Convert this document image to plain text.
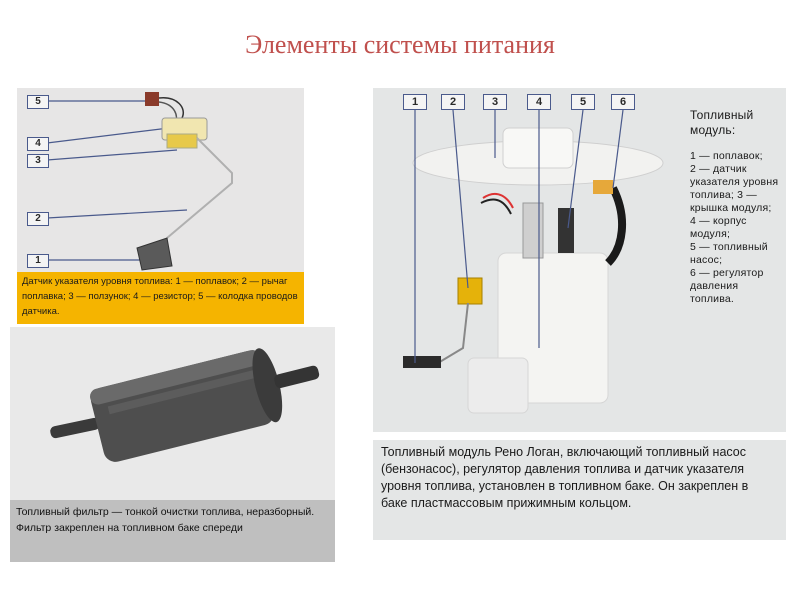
Элементы системы питания
5
4
3
2
1
Датчик указателя уровня топлива: 1 — поплавок; 2 — рычаг поплавка; 3 — ползунок; 4 — резистор; 5 — колодка проводов датчика.
Топливный фильтр — тонкой очистки топлива, неразборный. Фильтр закреплен на топливном баке спереди
1	2	3	4	5	6
Топливный модуль:
1 — поплавок;
2 — датчик указателя уровня топлива; 3 — крышка модуля;
4 — корпус модуля;
5 — топливный насос;
6 — регулятор давления топлива.
Топливный модуль Рено Логан, включающий топливный насос (бензонасос), регулятор давления топлива и датчик указателя уровня топлива, установлен в топливном баке. Он закреплен в баке пластмассовым прижимным кольцом.
